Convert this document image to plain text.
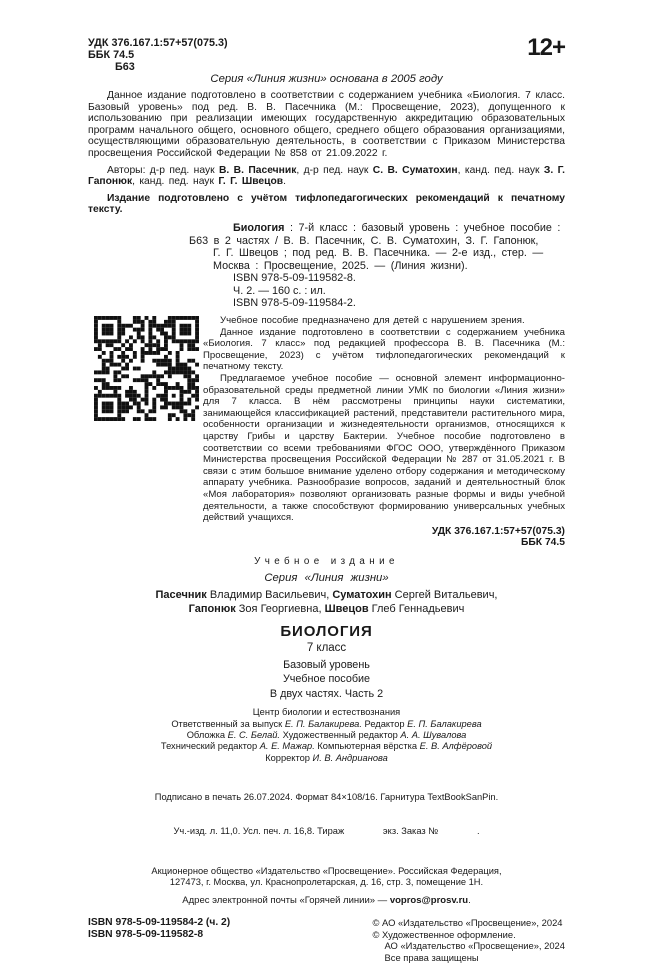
УДК 376.167.1:57+57(075.3)
ББК 74.5
Б63
12+
Серия «Линия жизни» основана в 2005 году

Данное издание подготовлено в соответствии с содержанием учебника «Биология. 7 класс. Базовый уровень» под ред. В. В. Пасечника (М.: Просвещение, 2023), допущенного к использованию при реализации имеющих государственную аккредитацию образовательных программ начального общего, основного общего, среднего общего образования организациями, осуществляющими образовательную деятельность, в соответствии с Приказом Министерства просвещения Российской Федерации № 858 от 21.09.2022 г.

Авторы: д-р пед. наук В. В. Пасечник, д-р пед. наук С. В. Суматохин, канд. пед. наук З. Г. Гапонюк, канд. пед. наук Г. Г. Швецов.

Издание подготовлено с учётом тифлопедагогических рекомендаций к печатному тексту.

Биология : 7-й класс : базовый уровень : учебное пособие :
Б63 в 2 частях / В. В. Пасечник, С. В. Суматохин, З. Г. Гапонюк,
Г. Г. Швецов ; под ред. В. В. Пасечника. — 2-е изд., стер. —
Москва : Просвещение, 2025. — (Линия жизни).
ISBN 978-5-09-119582-8.
Ч. 2. — 160 с. : ил.
ISBN 978-5-09-119584-2.

Учебное пособие предназначено для детей с нарушением зрения.

Данное издание подготовлено в соответствии с содержанием учебника «Биология. 7 класс» под редакцией профессора В. В. Пасечника (М.: Просвещение, 2023) с учётом тифлопедагогических рекомендаций к печатному тексту.

Предлагаемое учебное пособие — основной элемент информационно-образовательной среды предметной линии УМК по биологии «Линия жизни» для 7 класса. В нём рассмотрены принципы науки систематики, занимающейся классификацией растений, представители растительного мира, особенности организации и жизнедеятельности организмов, относящихся к царству Грибы и царству Бактерии. Учебное пособие подготовлено в соответствии со всеми требованиями ФГОС ООО, утверждённого Приказом Министерства просвещения Российской Федерации № 287 от 31.05.2021 г. В связи с этим большое внимание уделено отбору содержания и методическому аппарату учебника. Разнообразие вопросов, заданий и деятельностный блок «Моя лаборатория» позволяют организовать разные формы и виды учебной деятельности, а также способствуют формированию универсальных учебных действий учащихся.

УДК 376.167.1:57+57(075.3)
ББК 74.5
Учебное издание
Серия «Линия жизни»
Пасечник Владимир Васильевич, Суматохин Сергей Витальевич,
Гапонюк Зоя Георгиевна, Швецов Глеб Геннадьевич
БИОЛОГИЯ
7 класс
Базовый уровень
Учебное пособие
В двух частях. Часть 2
Центр биологии и естествознания
Ответственный за выпуск Е. П. Балакирева. Редактор Е. П. Балакирева
Обложка Е. С. Белай. Художественный редактор А. А. Шувалова
Технический редактор А. Е. Мажар. Компьютерная вёрстка Е. В. Алфёровой
Корректор И. В. Андрианова

Подписано в печать 26.07.2024. Формат 84×108/16. Гарнитура TextBookSanPin.

Уч.-изд. л. 11,0. Усл. печ. л. 16,8. Тираж               экз. Заказ №               .

Акционерное общество «Издательство «Просвещение». Российская Федерация,
127473, г. Москва, ул. Краснопролетарская, д. 16, стр. 3, помещение 1Н.
Адрес электронной почты «Горячей линии» — vopros@prosv.ru.
ISBN 978-5-09-119584-2 (ч. 2)
ISBN 978-5-09-119582-8
© АО «Издательство «Просвещение», 2024
© Художественное оформление.
АО «Издательство «Просвещение», 2024
Все права защищены
